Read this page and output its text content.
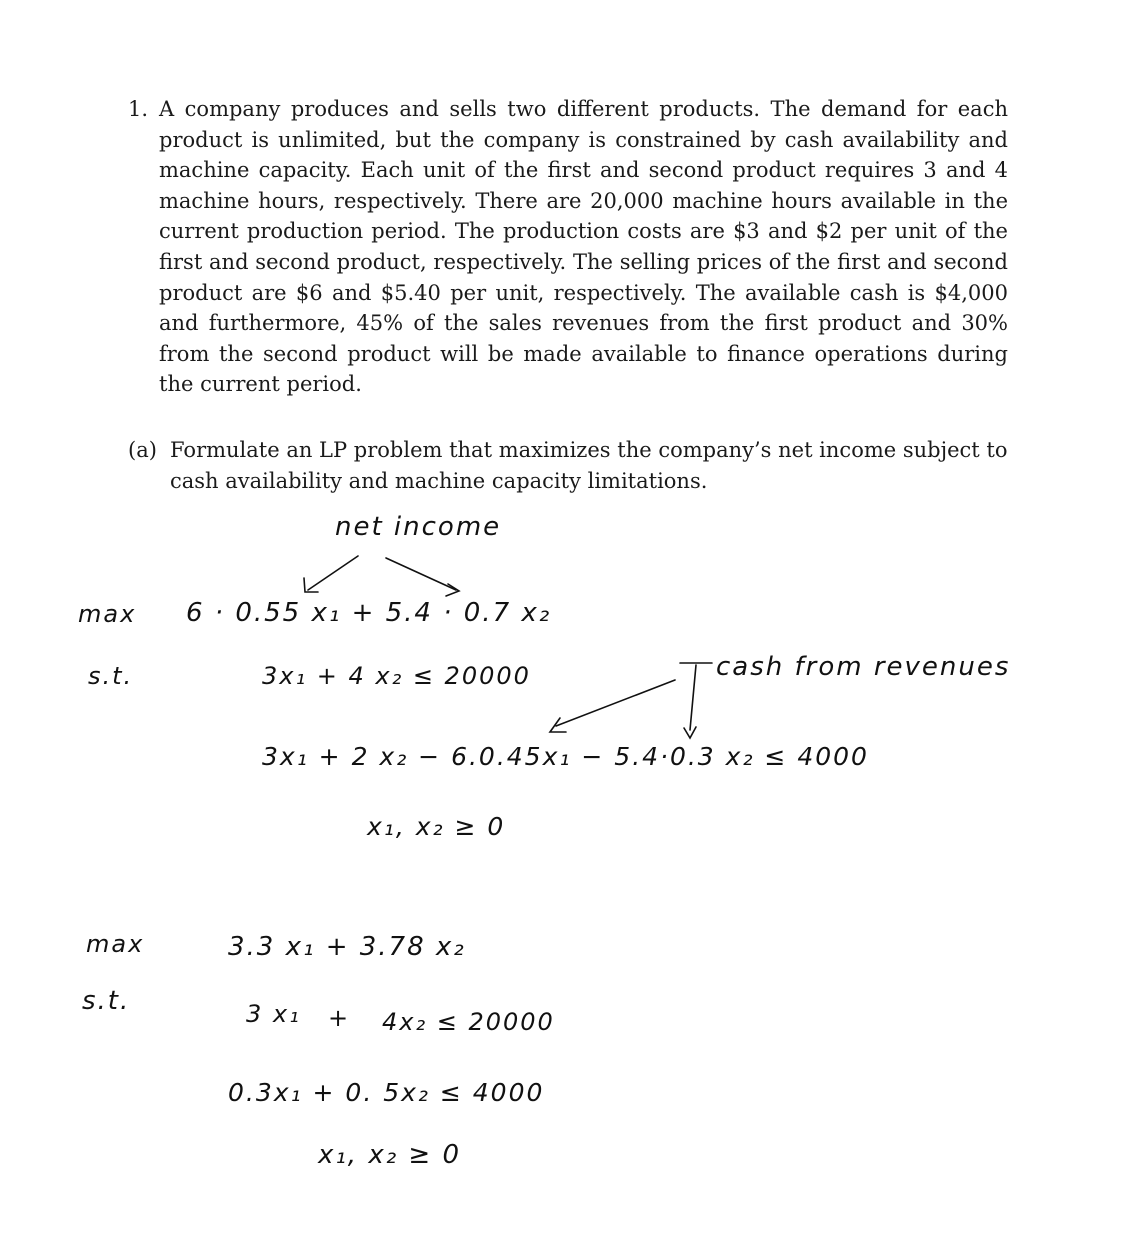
1. A company produces and sells two different products. The demand for each product is unlimited, but the company is constrained by cash availability and machine capacity. Each unit of the first and second product requires 3 and 4 machine hours, respectively. There are 20,000 machine hours available in the current production period. The production costs are $3 and $2 per unit of the first and second product, respectively. The selling prices of the first and second product are $6 and $5.40 per unit, respectively. The available cash is $4,000 and furthermore, 45% of the sales revenues from the first product and 30% from the second product will be made available to finance operations during the current period.
(a) Formulate an LP problem that maximizes the company’s net income subject to cash availability and machine capacity limitations.
net income
max 6 · 0.55 x₁ + 5.4 · 0.7 x₂
s.t.	3x₁ + 4 x₂ ≤ 20000	cash from revenues
3x₁ + 2 x₂ − 6.0.45x₁ − 5.4·0.3 x₂ ≤ 4000
x₁, x₂ ≥ 0
max	3.3 x₁ + 3.78 x₂
s.t.	3 x₁ + 4x₂ ≤ 20000
0.3x₁ + 0. 5x₂ ≤ 4000
x₁, x₂ ≥ 0
